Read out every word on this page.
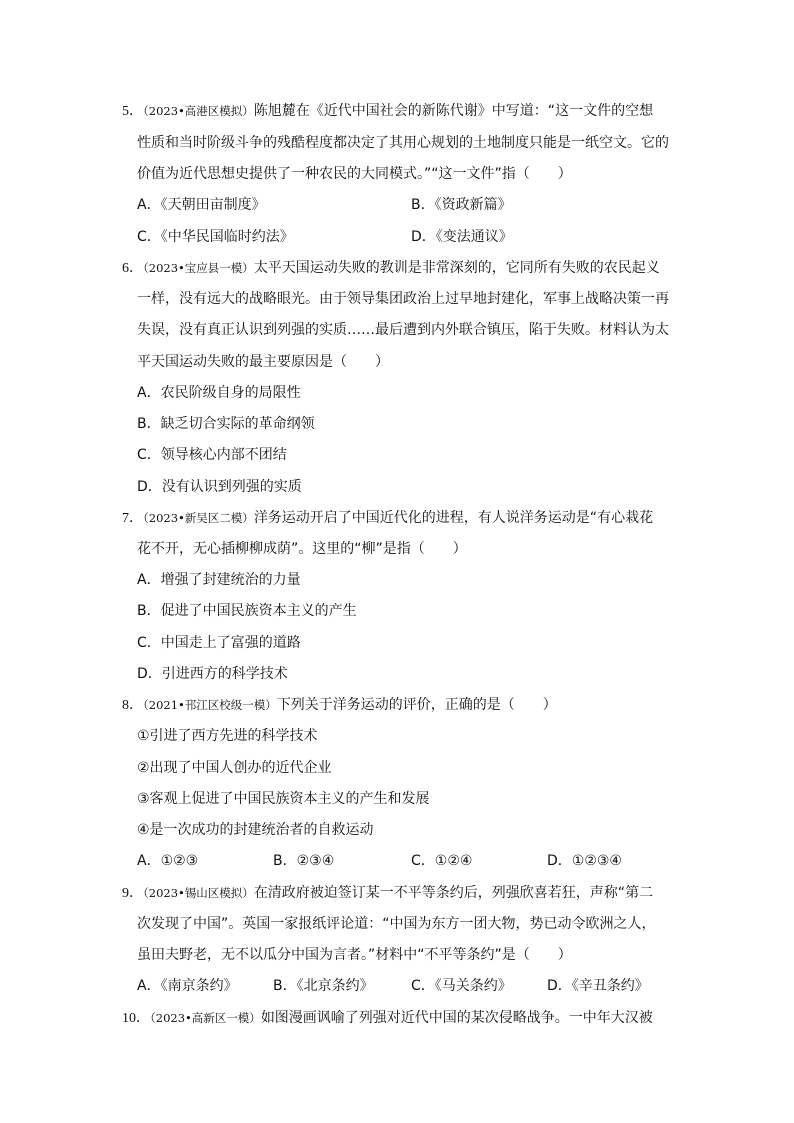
5．（2023•高港区模拟）陈旭麓在《近代中国社会的新陈代谢》中写道：“这一文件的空想
性质和当时阶级斗争的残酷程度都决定了其用心规划的土地制度只能是一纸空文。它的
价值为近代思想史提供了一种农民的大同模式。”“这一文件”指（　　）
A．《天朝田亩制度》	B．《资政新篇》
C．《中华民国临时约法》	D．《变法通议》
6．（2023•宝应县一模）太平天国运动失败的教训是非常深刻的，它同所有失败的农民起义
一样，没有远大的战略眼光。由于领导集团政治上过早地封建化，军事上战略决策一再
失误，没有真正认识到列强的实质……最后遭到内外联合镇压，陷于失败。材料认为太
平天国运动失败的最主要原因是（　　）
A．农民阶级自身的局限性
B．缺乏切合实际的革命纲领
C．领导核心内部不团结
D．没有认识到列强的实质
7．（2023•新吴区二模）洋务运动开启了中国近代化的进程，有人说洋务运动是“有心栽花
花不开，无心插柳柳成荫”。这里的“柳”是指（　　）
A．增强了封建统治的力量
B．促进了中国民族资本主义的产生
C．中国走上了富强的道路
D．引进西方的科学技术
8．（2021•邗江区校级一模）下列关于洋务运动的评价，正确的是（　　）
①引进了西方先进的科学技术
②出现了中国人创办的近代企业
③客观上促进了中国民族资本主义的产生和发展
④是一次成功的封建统治者的自救运动
A．①②③	B．②③④	C．①②④	D．①②③④
9．（2023•锡山区模拟）在清政府被迫签订某一不平等条约后，列强欣喜若狂，声称“第二
次发现了中国”。英国一家报纸评论道：“中国为东方一团大物，势已动令欧洲之人，
虽田夫野老，无不以瓜分中国为言者。”材料中“不平等条约”是（　　）
A．《南京条约》	B．《北京条约》	C．《马关条约》	D．《辛丑条约》
10．（2023•高新区一模）如图漫画讽喻了列强对近代中国的某次侵略战争。一中年大汉被
